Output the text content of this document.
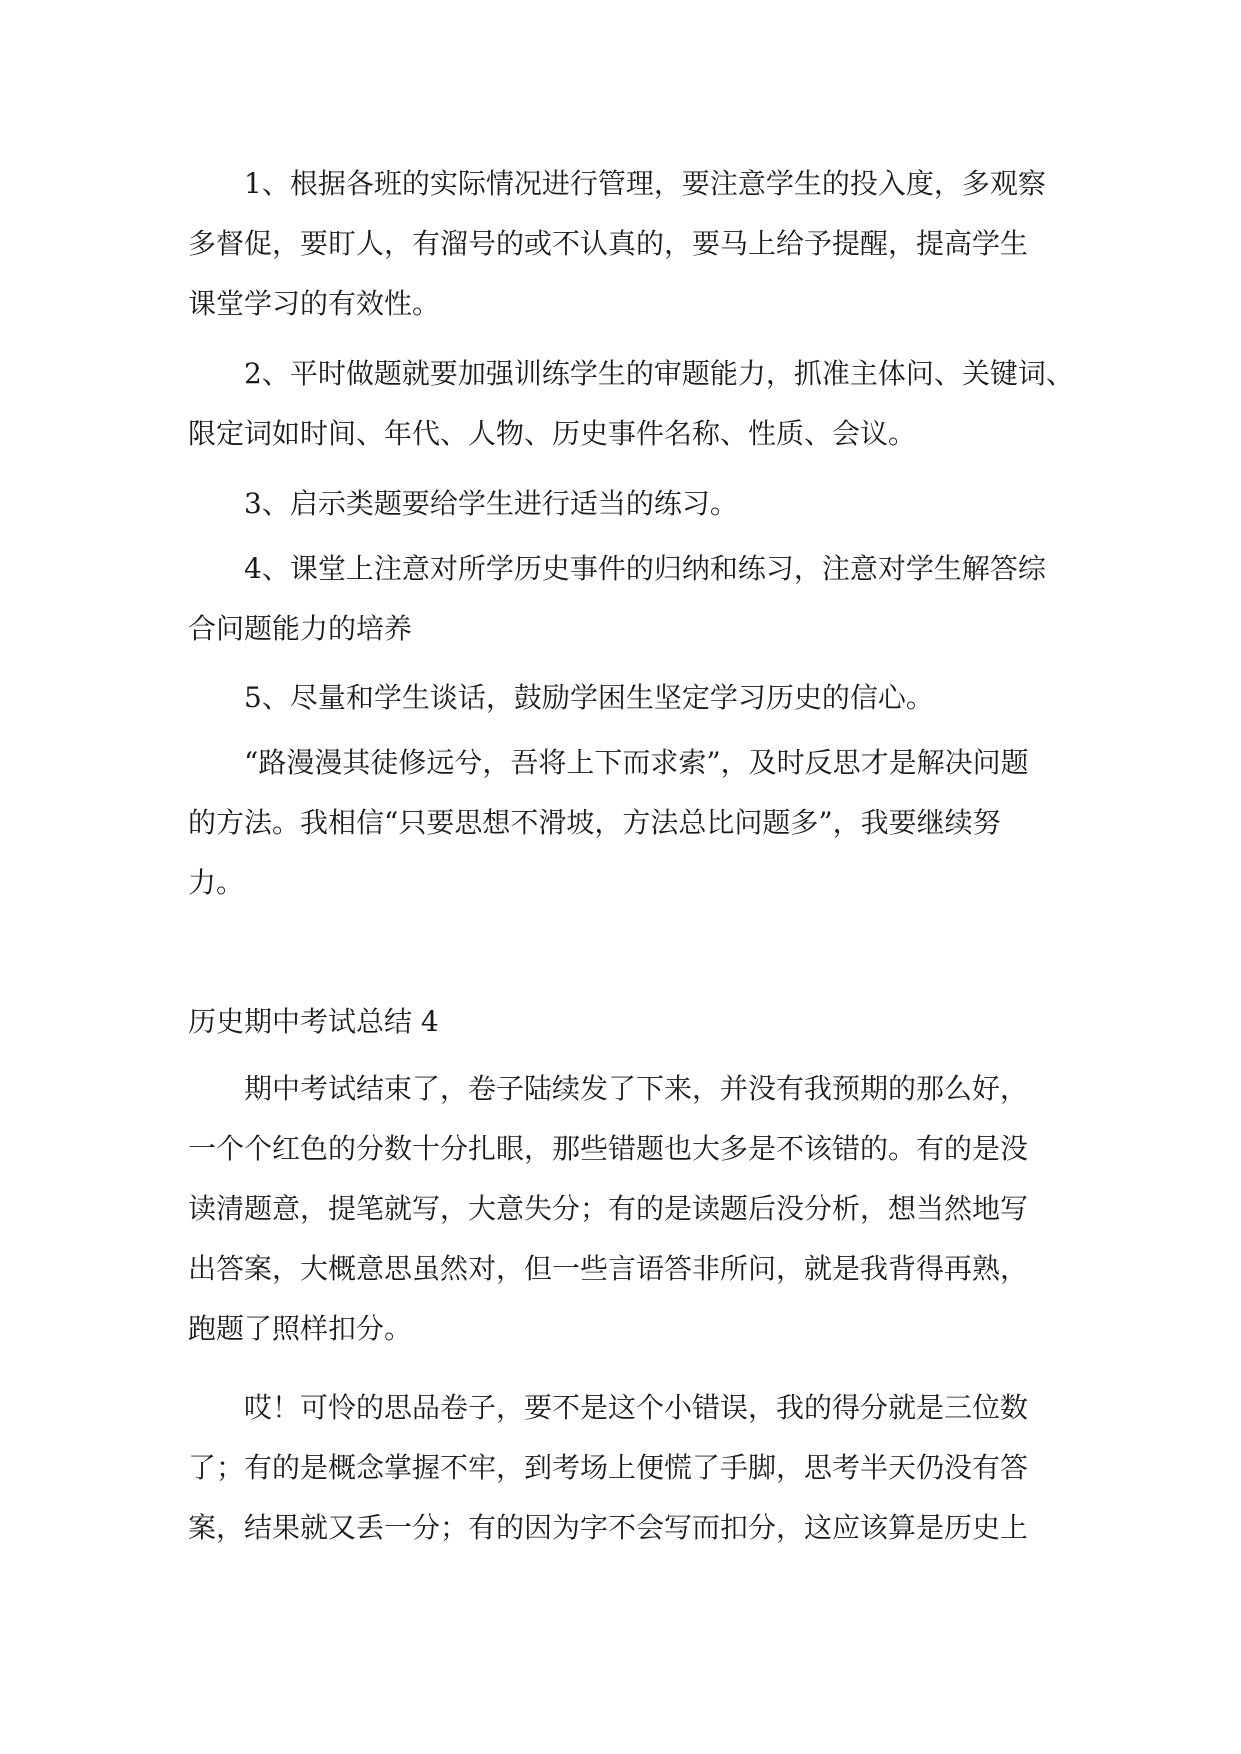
　　1、根据各班的实际情况进行管理，要注意学生的投入度，多观察
多督促，要盯人，有溜号的或不认真的，要马上给予提醒，提高学生
课堂学习的有效性。
　　2、平时做题就要加强训练学生的审题能力，抓准主体问、关键词、
限定词如时间、年代、人物、历史事件名称、性质、会议。
　　3、启示类题要给学生进行适当的练习。
　　4、课堂上注意对所学历史事件的归纳和练习，注意对学生解答综
合问题能力的培养
　　5、尽量和学生谈话，鼓励学困生坚定学习历史的信心。
　　“路漫漫其徒修远兮，吾将上下而求索”，及时反思才是解决问题
的方法。我相信“只要思想不滑坡，方法总比问题多”，我要继续努
力。
历史期中考试总结 4
　　期中考试结束了，卷子陆续发了下来，并没有我预期的那么好，
一个个红色的分数十分扎眼，那些错题也大多是不该错的。有的是没
读清题意，提笔就写，大意失分；有的是读题后没分析，想当然地写
出答案，大概意思虽然对，但一些言语答非所问，就是我背得再熟，
跑题了照样扣分。
　　哎！可怜的思品卷子，要不是这个小错误，我的得分就是三位数
了；有的是概念掌握不牢，到考场上便慌了手脚，思考半天仍没有答
案，结果就又丢一分；有的因为字不会写而扣分，这应该算是历史上
